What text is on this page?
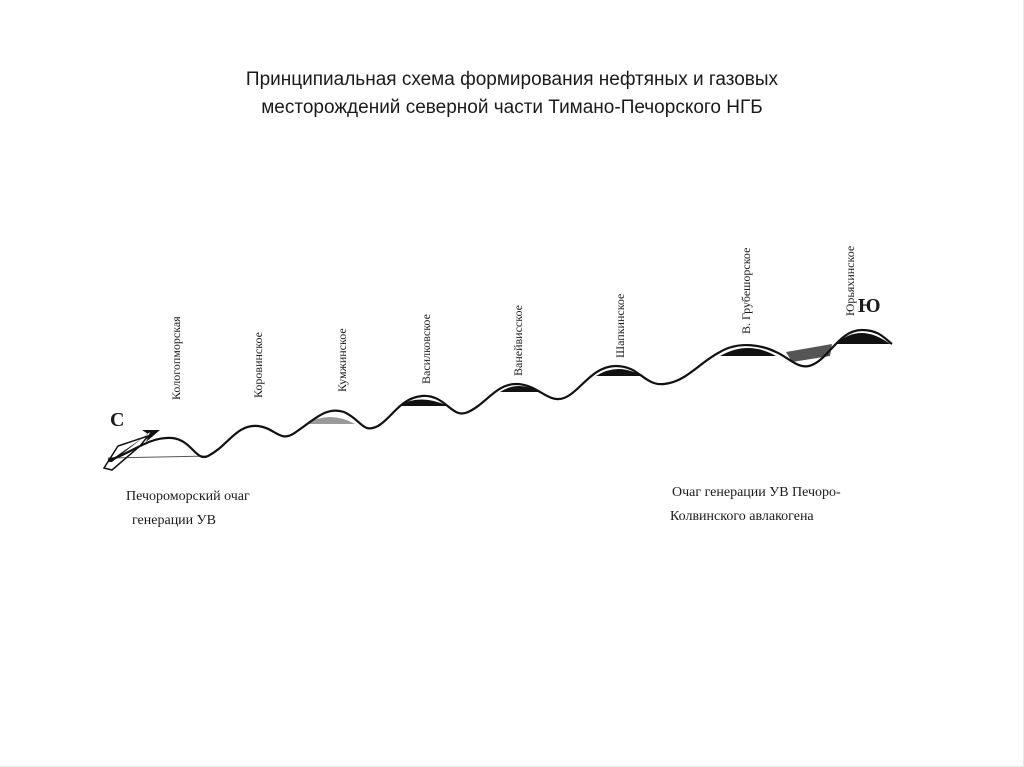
Принципиальная схема формирования нефтяных и газовых
месторождений северной части Тимано-Печорского НГБ
С
Ю
Кологопморская	Коровинское	Кумжинское	Василковское	Ванейвисское	Шапкинское	В. Грубешорское	Юрьяхинское
Печороморский очаг
генерации УВ
Очаг генерации УВ Печоро-
Колвинского авлакогена
